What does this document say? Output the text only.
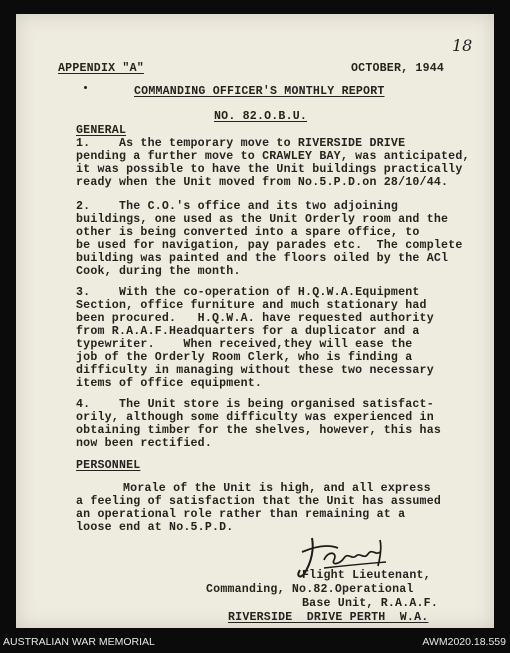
APPENDIX "A"	OCTOBER, 1944
18
COMMANDING OFFICER'S MONTHLY REPORT
NO. 82.O.B.U.
GENERAL
1.    As the temporary move to RIVERSIDE DRIVE
pending a further move to CRAWLEY BAY, was anticipated,
it was possible to have the Unit buildings practically
ready when the Unit moved from No.5.P.D.on 28/10/44.
2.    The C.O.'s office and its two adjoining
buildings, one used as the Unit Orderly room and the
other is being converted into a spare office, to
be used for navigation, pay parades etc.  The complete
building was painted and the floors oiled by the ACl
Cook, during the month.
3.    With the co-operation of H.Q.W.A.Equipment
Section, office furniture and much stationary had
been procured.   H.Q.W.A. have requested authority
from R.A.A.F.Headquarters for a duplicator and a
typewriter.    When received,they will ease the
job of the Orderly Room Clerk, who is finding a
difficulty in managing without these two necessary
items of office equipment.
4.    The Unit store is being organised satisfact-
orily, although some difficulty was experienced in
obtaining timber for the shelves, however, this has
now been rectified.
PERSONNEL
Morale of the Unit is high, and all express
a feeling of satisfaction that the Unit has assumed
an operational role rather than remaining at a
loose end at No.5.P.D.
Flight Lieutenant,
Commanding, No.82.Operational
Base Unit, R.A.A.F.
RIVERSIDE  DRIVE PERTH  W.A.
AUSTRALIAN WAR MEMORIAL	AWM2020.18.559
